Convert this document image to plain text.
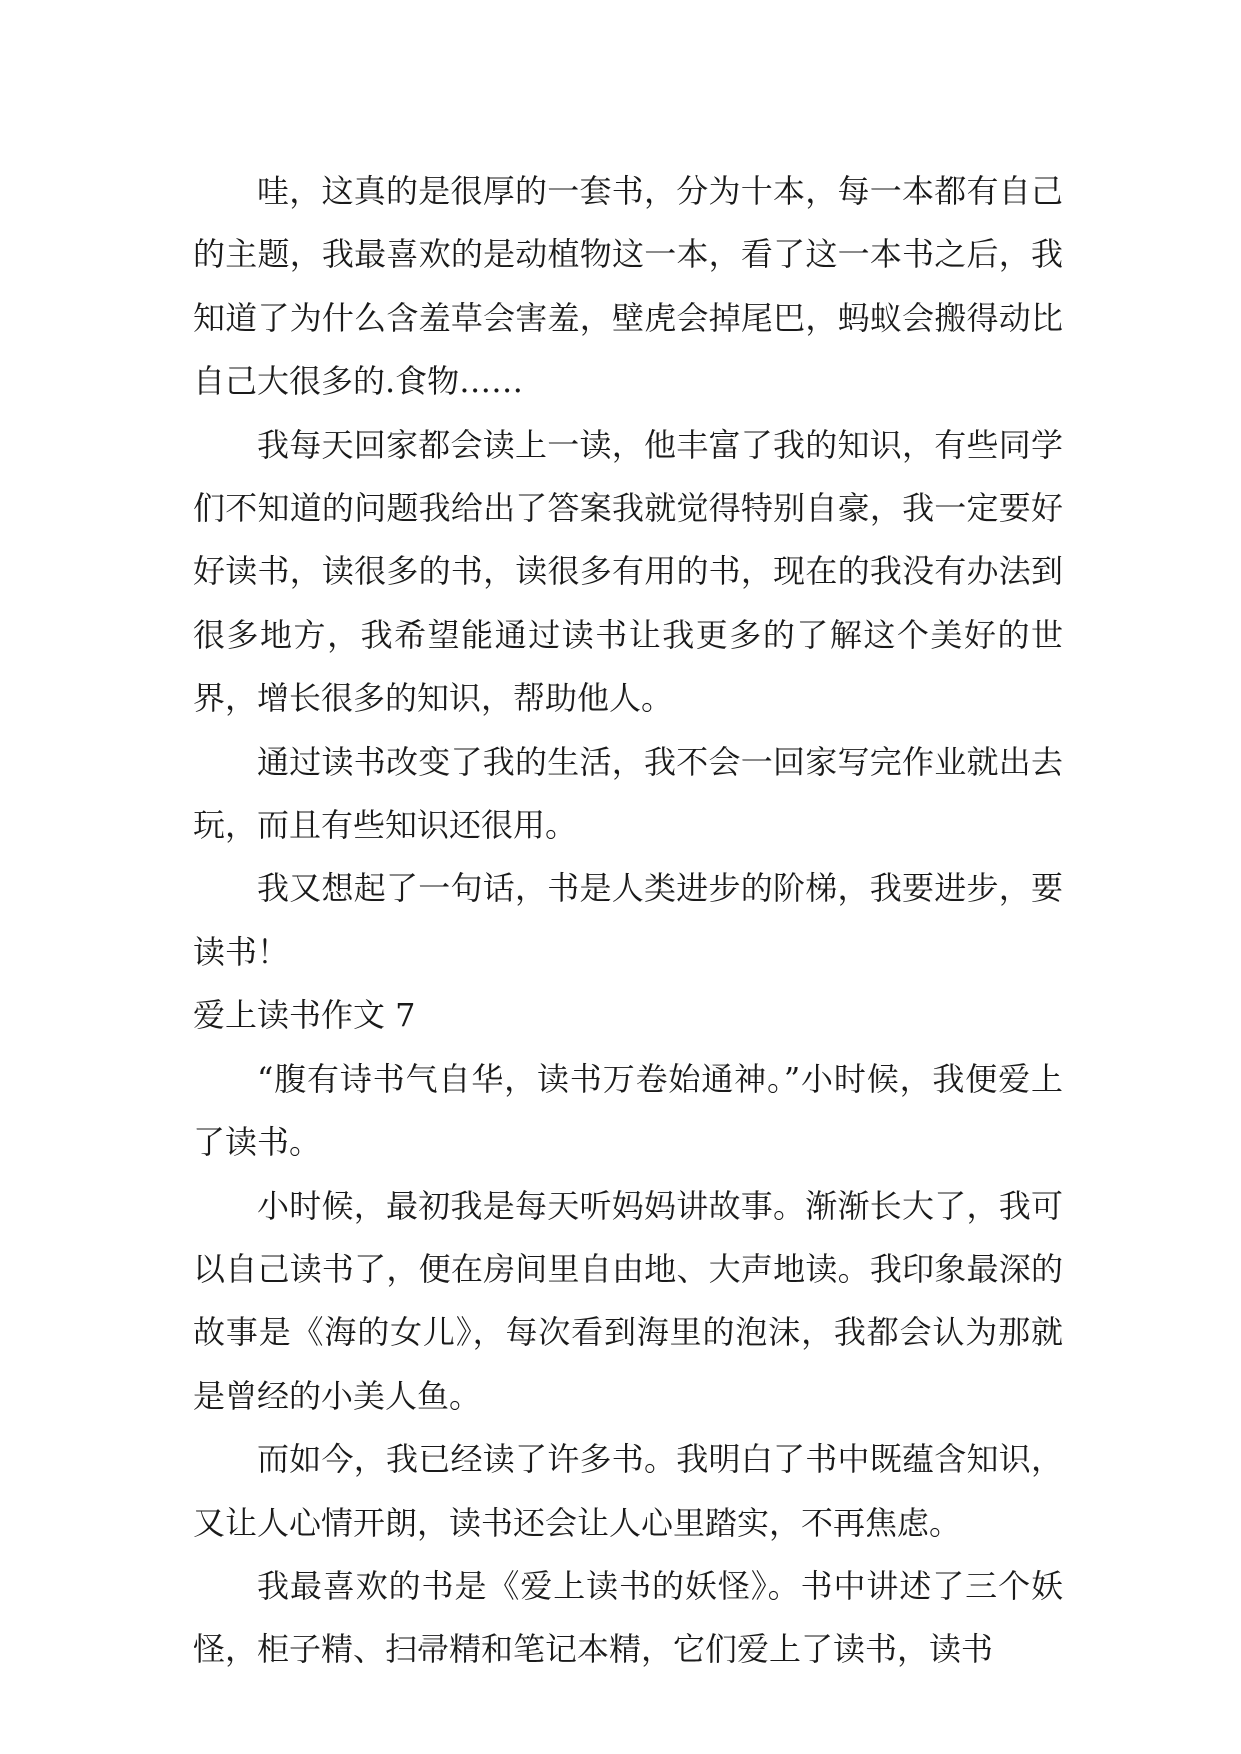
哇，这真的是很厚的一套书，分为十本，每一本都有自己的主题，我最喜欢的是动植物这一本，看了这一本书之后，我知道了为什么含羞草会害羞，壁虎会掉尾巴，蚂蚁会搬得动比自己大很多的.食物……

我每天回家都会读上一读，他丰富了我的知识，有些同学们不知道的问题我给出了答案我就觉得特别自豪，我一定要好好读书，读很多的书，读很多有用的书，现在的我没有办法到很多地方，我希望能通过读书让我更多的了解这个美好的世界，增长很多的知识，帮助他人。

通过读书改变了我的生活，我不会一回家写完作业就出去玩，而且有些知识还很用。

我又想起了一句话，书是人类进步的阶梯，我要进步，要读书！

爱上读书作文 7

“腹有诗书气自华，读书万卷始通神。”小时候，我便爱上了读书。

小时候，最初我是每天听妈妈讲故事。渐渐长大了，我可以自己读书了，便在房间里自由地、大声地读。我印象最深的故事是《海的女儿》，每次看到海里的泡沫，我都会认为那就是曾经的小美人鱼。

而如今，我已经读了许多书。我明白了书中既蕴含知识，又让人心情开朗，读书还会让人心里踏实，不再焦虑。

我最喜欢的书是《爱上读书的妖怪》。书中讲述了三个妖怪，柜子精、扫帚精和笔记本精，它们爱上了读书，读书
